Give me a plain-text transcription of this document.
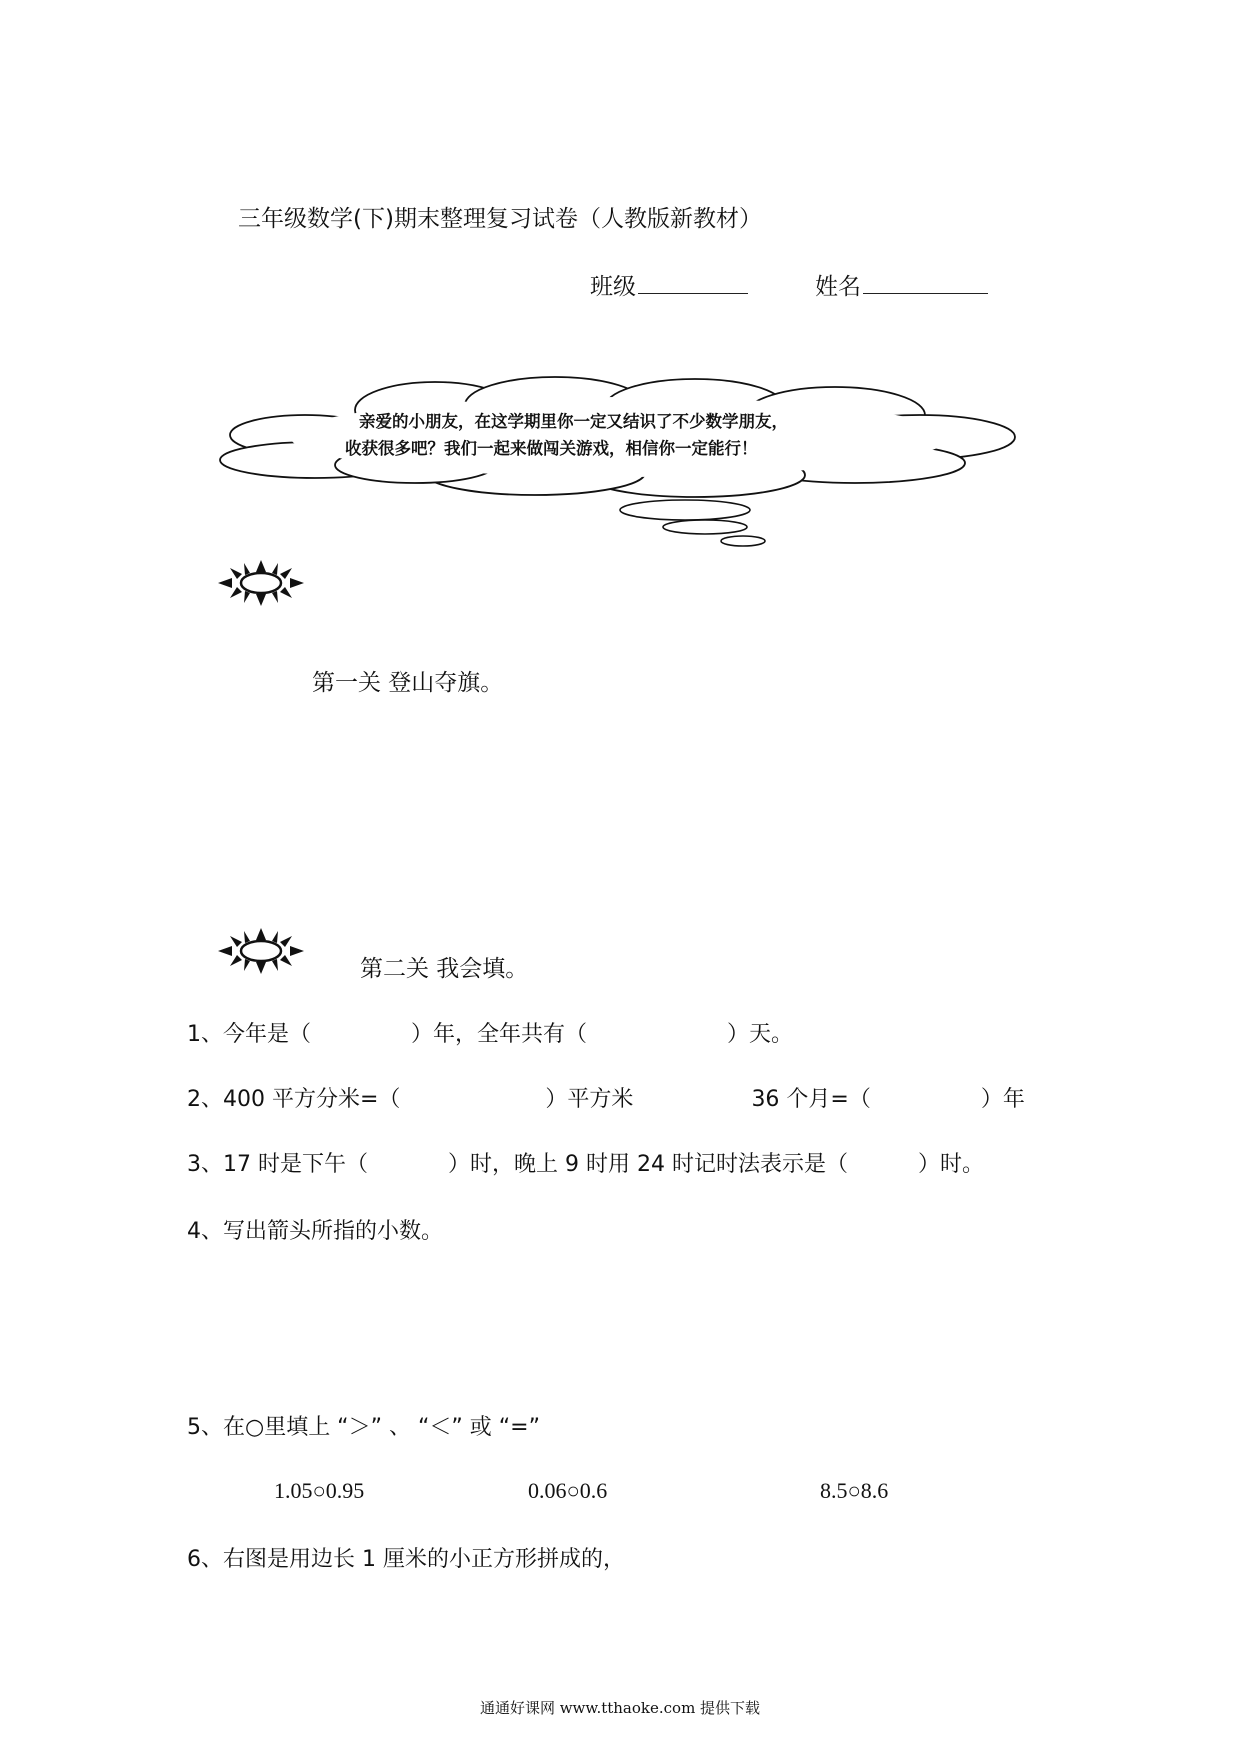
三年级数学(下)期末整理复习试卷（人教版新教材）
班级	姓名
亲爱的小朋友，在这学期里你一定又结识了不少数学朋友，
收获很多吧？我们一起来做闯关游戏，相信你一定能行！
第一关 登山夺旗。
第二关 我会填。
1、今年是（	）年，全年共有（	）天。
2、400 平方分米=（	）平方米	36 个月=（	）年
3、17 时是下午（	）时，晚上 9 时用 24 时记时法表示是（	）时。
4、写出箭头所指的小数。
5、在○里填上 “＞” 、 “＜” 或 “=”
1.05○0.95	0.06○0.6	8.5○8.6
6、右图是用边长 1 厘米的小正方形拼成的，
通通好课网 www.tthaoke.com 提供下载
